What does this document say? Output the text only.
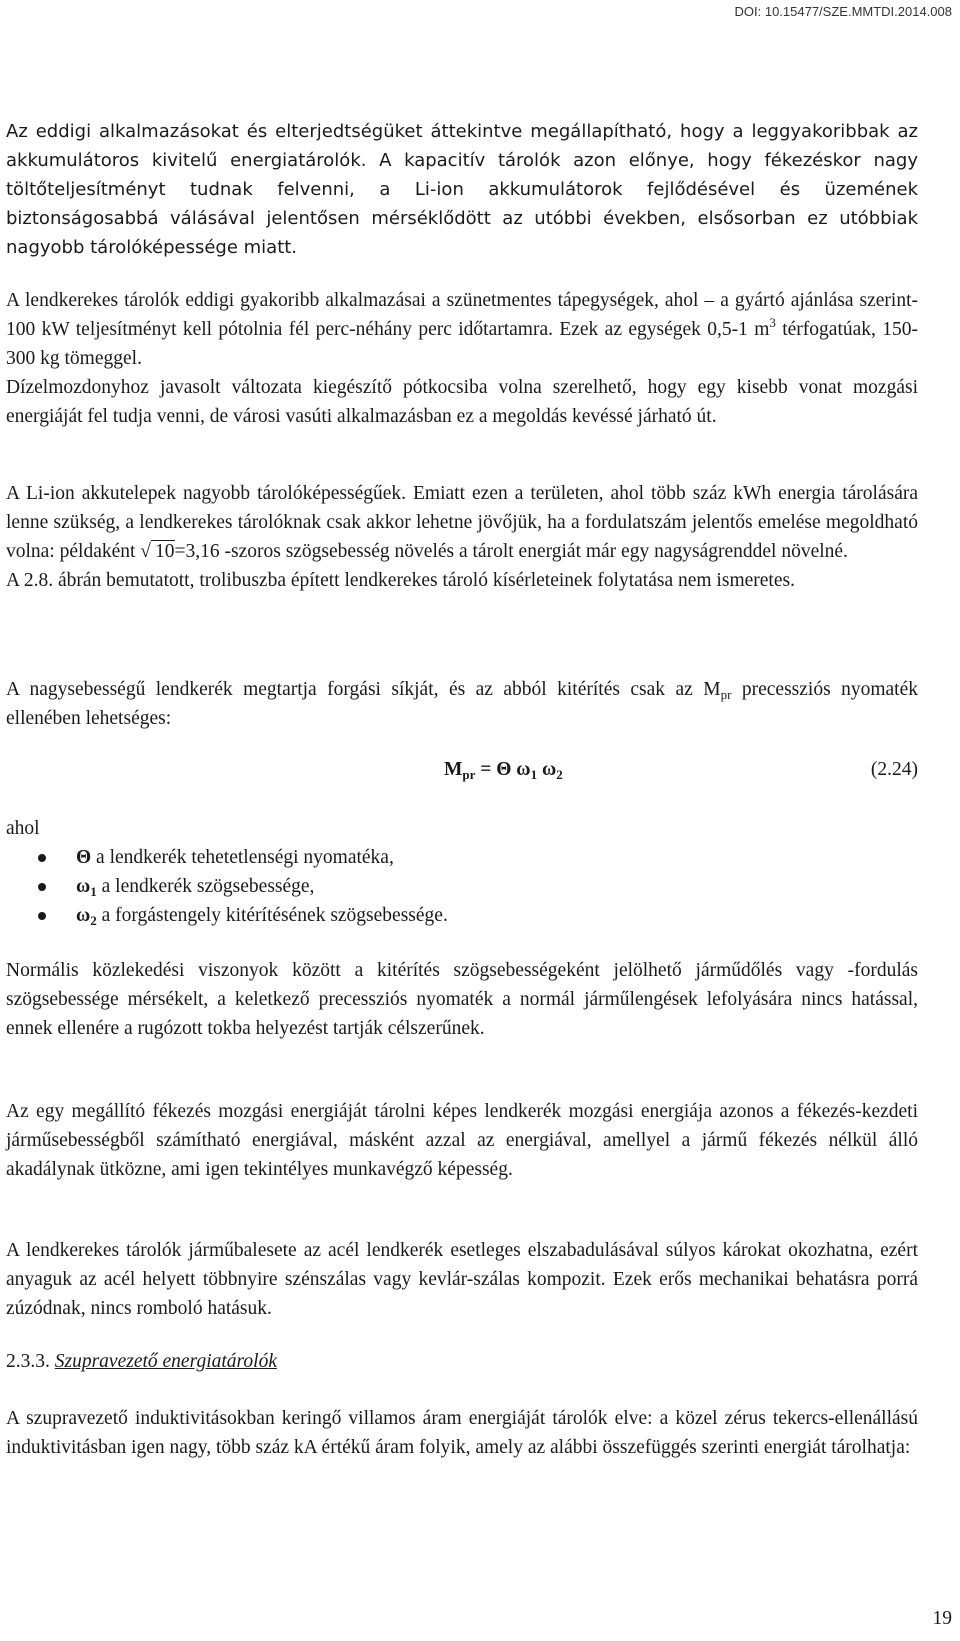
DOI: 10.15477/SZE.MMTDI.2014.008

Az eddigi alkalmazásokat és elterjedtségüket áttekintve megállapítható, hogy a leggyakoribbak az akkumulátoros kivitelű energiatárolók. A kapacitív tárolók azon előnye, hogy fékezéskor nagy töltőteljesítményt tudnak felvenni, a Li-ion akkumulátorok fejlődésével és üzemének biztonságosabbá válásával jelentősen mérséklődött az utóbbi években, elsősorban ez utóbbiak nagyobb tárolóképessége miatt.

A lendkerekes tárolók eddigi gyakoribb alkalmazásai a szünetmentes tápegységek, ahol – a gyártó ajánlása szerint- 100 kW teljesítményt kell pótolnia fél perc-néhány perc időtartamra. Ezek az egységek 0,5-1 $m^3$ térfogatúak, 150-300 kg tömeggel.
Dízelmozdonyhoz javasolt változata kiegészítő pótkocsiba volna szerelhető, hogy egy kisebb vonat mozgási energiáját fel tudja venni, de városi vasúti alkalmazásban ez a megoldás kevéssé járható út.

A Li-ion akkutelepek nagyobb tárolóképességűek. Emiatt ezen a területen, ahol több száz kWh energia tárolására lenne szükség, a lendkerekes tárolóknak csak akkor lehetne jövőjük, ha a fordulatszám jelentős emelése megoldható volna: példaként √ 10=3,16 -szoros szögsebesség növelés a tárolt energiát már egy nagyságrenddel növelné.
A 2.8. ábrán bemutatott, trolibuszba épített lendkerekes tároló kísérleteinek folytatása nem ismeretes.

A nagysebességű lendkerék megtartja forgási síkját, és az abból kitérítés csak az $M_{pr}$ precessziós nyomaték ellenében lehetséges:

$M_{pr} = \Theta$ $\omega_1$ $\omega_2$	(2.24)

ahol

Θ a lendkerék tehetetlenségi nyomatéka,
$\omega_1$ a lendkerék szögsebessége,
$\omega_2$ a forgástengely kitérítésének szögsebessége.

Normális közlekedési viszonyok között a kitérítés szögsebességeként jelölhető járműdőlés vagy -fordulás szögsebessége mérsékelt, a keletkező precessziós nyomaték a normál járműlengések lefolyására nincs hatással, ennek ellenére a rugózott tokba helyezést tartják célszerűnek.

Az egy megállító fékezés mozgási energiáját tárolni képes lendkerék mozgási energiája azonos a fékezés-kezdeti járműsebességből számítható energiával, másként azzal az energiával, amellyel a jármű fékezés nélkül álló akadálynak ütközne, ami igen tekintélyes munkavégző képesség.

A lendkerekes tárolók járműbalesete az acél lendkerék esetleges elszabadulásával súlyos károkat okozhatna, ezért anyaguk az acél helyett többnyire szénszálas vagy kevlár-szálas kompozit. Ezek erős mechanikai behatásra porrá zúzódnak, nincs romboló hatásuk.

2.3.3. Szupravezető energiatárolók

A szupravezető induktivitásokban keringő villamos áram energiáját tárolók elve: a közel zérus tekercs-ellenállású induktivitásban igen nagy, több száz kA értékű áram folyik, amely az alábbi összefüggés szerinti energiát tárolhatja:

19
